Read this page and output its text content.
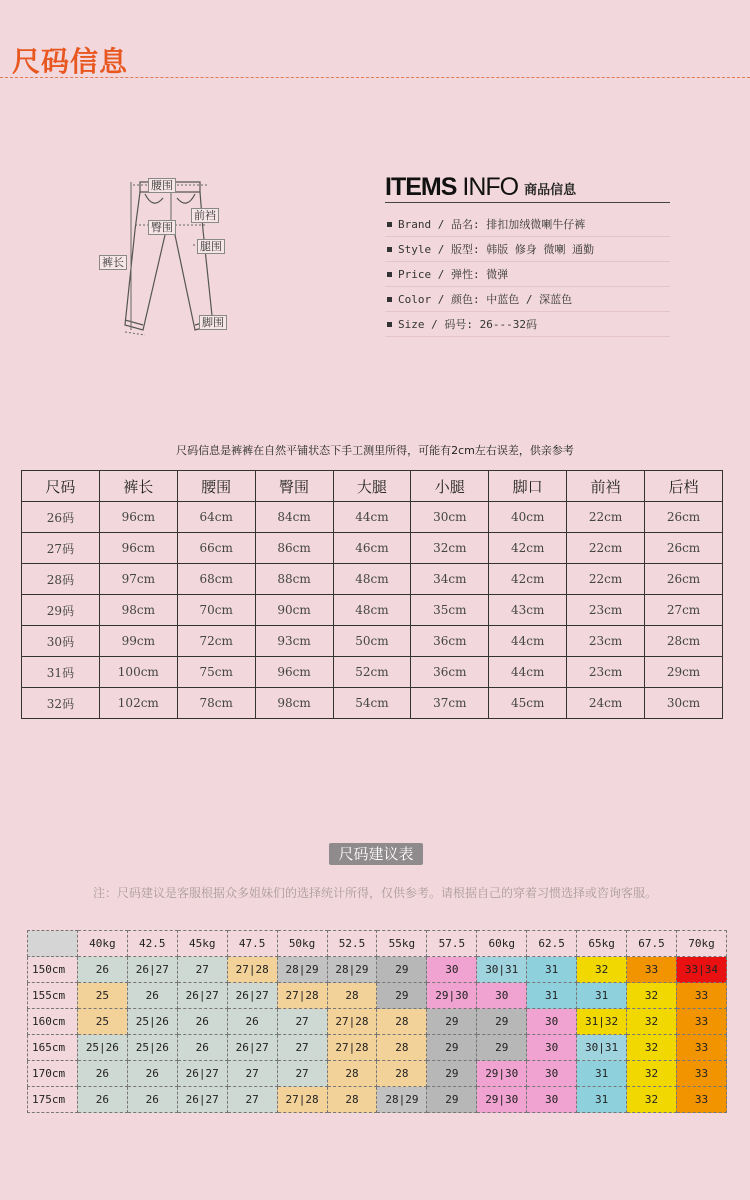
尺码信息
腰围
前裆
臀围
裤长
腿围
脚围
ITEMS INFO 商品信息
Brand / 品名: 排扣加绒微喇牛仔裤
Style / 版型: 韩版 修身 微喇 通勤
Price / 弹性: 微弹
Color / 颜色: 中蓝色 / 深蓝色
Size / 码号: 26---32码
尺码信息是裤裤在自然平铺状态下手工测里所得，可能有2cm左右误差，供亲参考
尺码	裤长	腰围	臀围	大腿	小腿	脚口	前裆	后档
26码	96cm	64cm	84cm	44cm	30cm	40cm	22cm	26cm
27码	96cm	66cm	86cm	46cm	32cm	42cm	22cm	26cm
28码	97cm	68cm	88cm	48cm	34cm	42cm	22cm	26cm
29码	98cm	70cm	90cm	48cm	35cm	43cm	23cm	27cm
30码	99cm	72cm	93cm	50cm	36cm	44cm	23cm	28cm
31码	100cm	75cm	96cm	52cm	36cm	44cm	23cm	29cm
32码	102cm	78cm	98cm	54cm	37cm	45cm	24cm	30cm
尺码建议表
注：尺码建议是客服根据众多姐妹们的选择统计所得，仅供参考。请根据自己的穿着习惯选择或咨询客服。
	40kg	42.5	45kg	47.5	50kg	52.5	55kg	57.5	60kg	62.5	65kg	67.5	70kg
150cm	26	26|27	27	27|28	28|29	28|29	29	30	30|31	31	32	33	33|34
155cm	25	26	26|27	26|27	27|28	28	29	29|30	30	31	31	32	33
160cm	25	25|26	26	26	27	27|28	28	29	29	30	31|32	32	33
165cm	25|26	25|26	26	26|27	27	27|28	28	29	29	30	30|31	32	33
170cm	26	26	26|27	27	27	28	28	29	29|30	30	31	32	33
175cm	26	26	26|27	27	27|28	28	28|29	29	29|30	30	31	32	33
